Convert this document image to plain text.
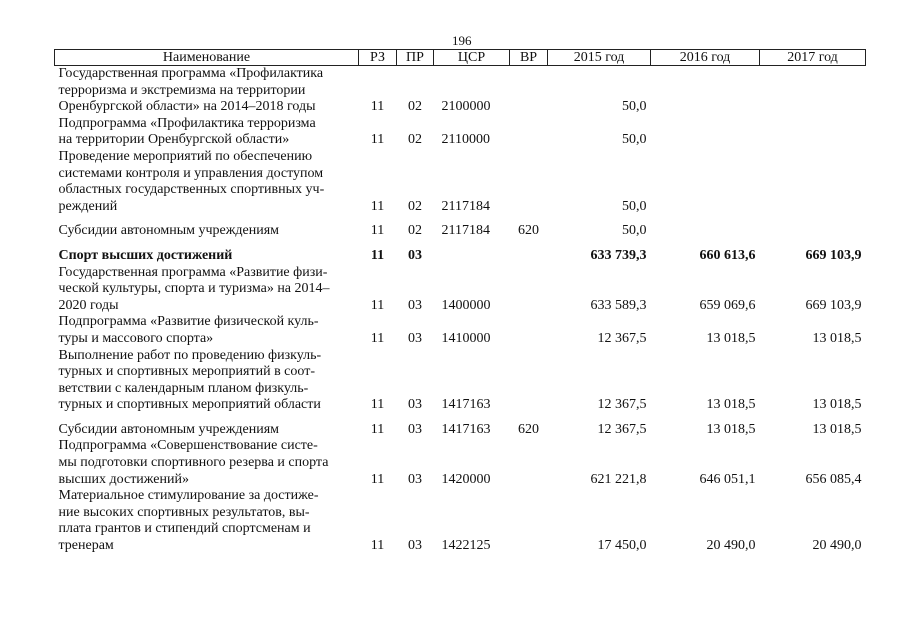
196
Наименование	РЗ	ПР	ЦСР	ВР	2015 год	2016 год	2017 год
Государственная программа «Профилактика
терроризма и экстремизма на территории
Оренбургской области» на 2014–2018 годы	11	02	2100000		50,0		
Подпрограмма «Профилактика терроризма
на территории Оренбургской области»	11	02	2110000		50,0		
Проведение мероприятий по обеспечению
системами контроля и управления доступом
областных государственных спортивных уч-
реждений	11	02	2117184		50,0		
Субсидии автономным учреждениям	11	02	2117184	620	50,0		
Спорт высших достижений	11	03			633 739,3	660 613,6	669 103,9
Государственная программа «Развитие физи-
ческой культуры, спорта и туризма» на 2014–
2020 годы	11	03	1400000		633 589,3	659 069,6	669 103,9
Подпрограмма «Развитие физической куль-
туры и массового спорта»	11	03	1410000		12 367,5	13 018,5	13 018,5
Выполнение работ по проведению физкуль-
турных и спортивных мероприятий в соот-
ветствии с календарным планом физкуль-
турных и спортивных мероприятий области	11	03	1417163		12 367,5	13 018,5	13 018,5
Субсидии автономным учреждениям	11	03	1417163	620	12 367,5	13 018,5	13 018,5
Подпрограмма «Совершенствование систе-
мы подготовки спортивного резерва и спорта
высших достижений»	11	03	1420000		621 221,8	646 051,1	656 085,4
Материальное стимулирование за достиже-
ние высоких спортивных результатов, вы-
плата грантов и стипендий спортсменам и
тренерам	11	03	1422125		17 450,0	20 490,0	20 490,0
